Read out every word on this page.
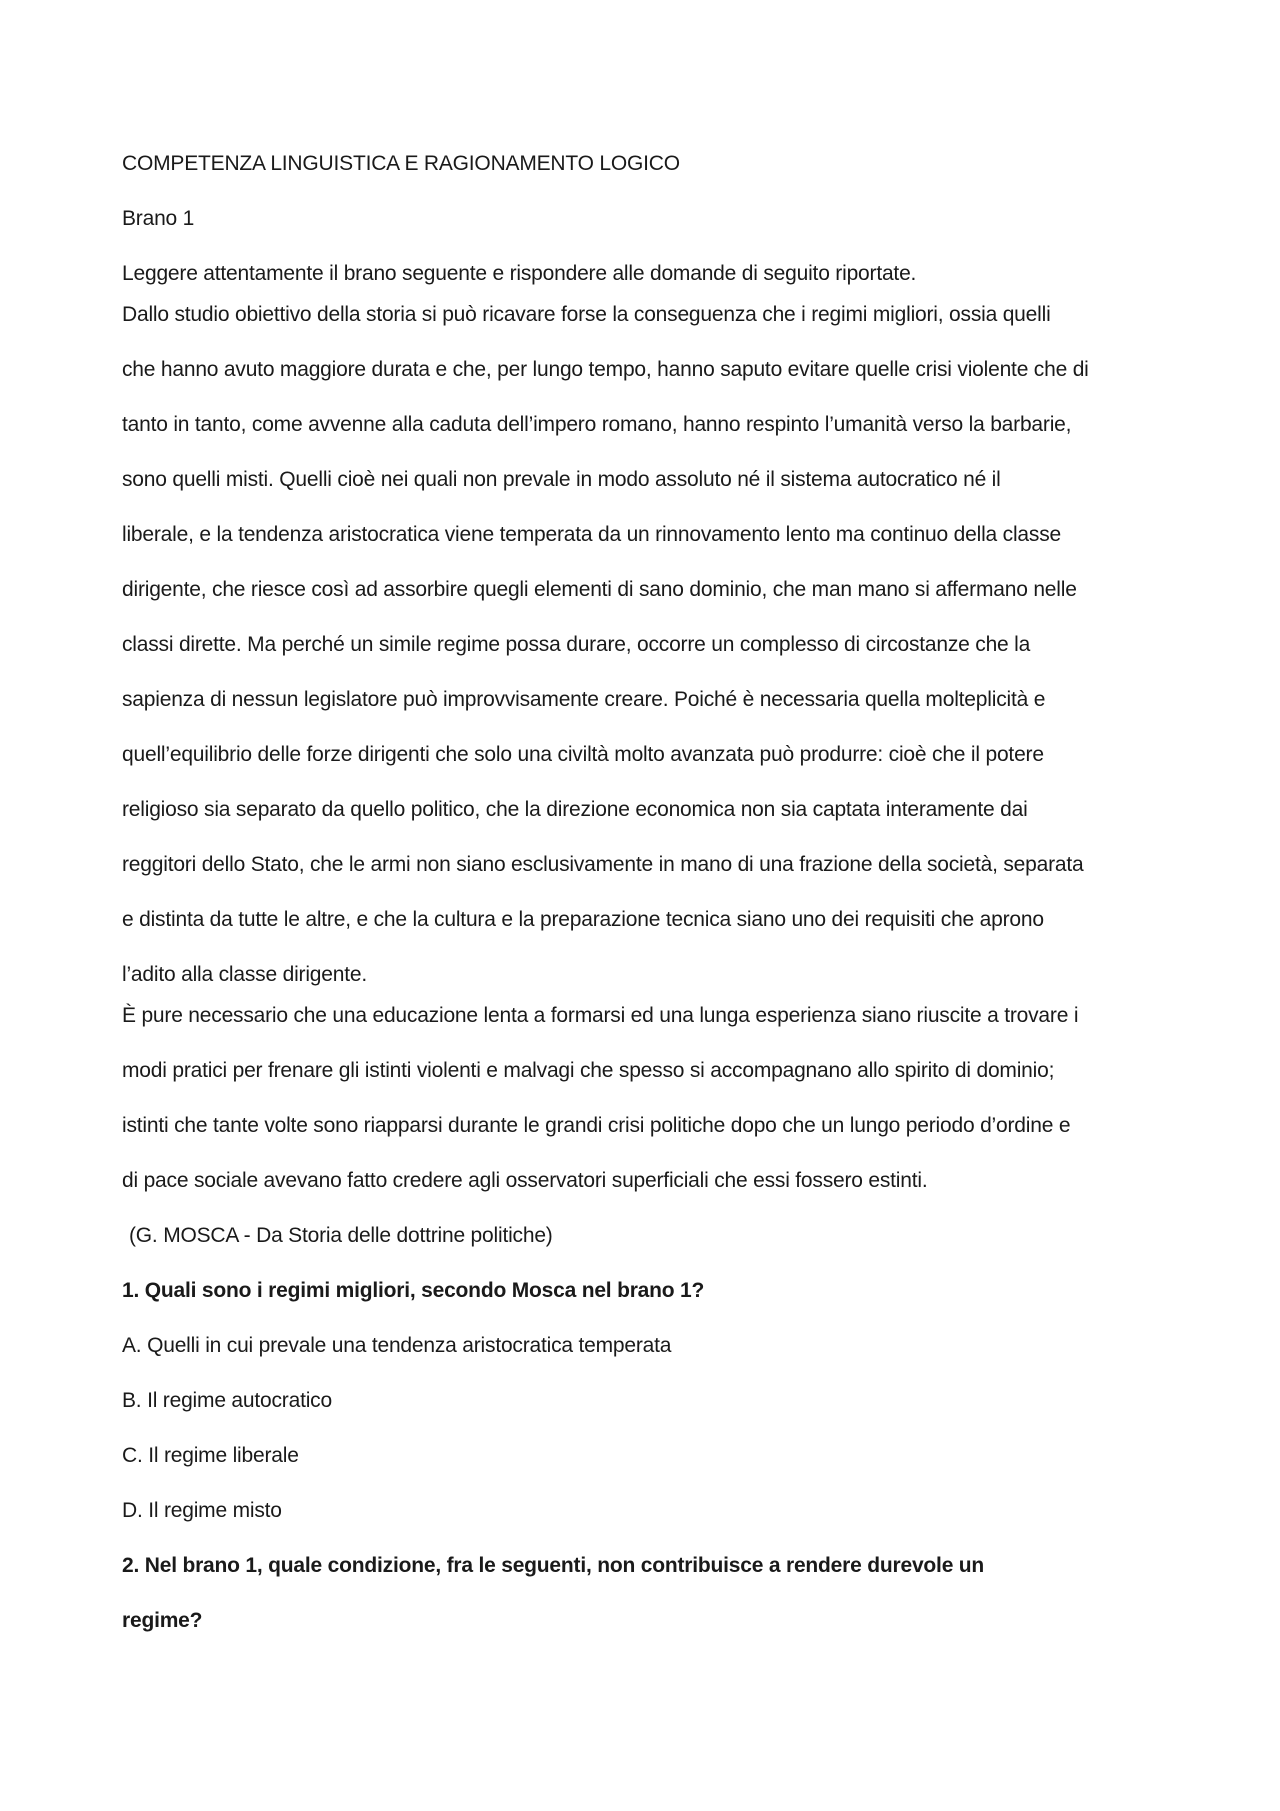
COMPETENZA LINGUISTICA E RAGIONAMENTO LOGICO
Brano 1
Leggere attentamente il brano seguente e rispondere alle domande di seguito riportate.
Dallo studio obiettivo della storia si può ricavare forse la conseguenza che i regimi migliori, ossia quelli
che hanno avuto maggiore durata e che, per lungo tempo, hanno saputo evitare quelle crisi violente che di
tanto in tanto, come avvenne alla caduta dell’impero romano, hanno respinto l’umanità verso la barbarie,
sono quelli misti. Quelli cioè nei quali non prevale in modo assoluto né il sistema autocratico né il
liberale, e la tendenza aristocratica viene temperata da un rinnovamento lento ma continuo della classe
dirigente, che riesce così ad assorbire quegli elementi di sano dominio, che man mano si affermano nelle
classi dirette. Ma perché un simile regime possa durare, occorre un complesso di circostanze che la
sapienza di nessun legislatore può improvvisamente creare. Poiché è necessaria quella molteplicità e
quell’equilibrio delle forze dirigenti che solo una civiltà molto avanzata può produrre: cioè che il potere
religioso sia separato da quello politico, che la direzione economica non sia captata interamente dai
reggitori dello Stato, che le armi non siano esclusivamente in mano di una frazione della società, separata
e distinta da tutte le altre, e che la cultura e la preparazione tecnica siano uno dei requisiti che aprono
l’adito alla classe dirigente.
È pure necessario che una educazione lenta a formarsi ed una lunga esperienza siano riuscite a trovare i
modi pratici per frenare gli istinti violenti e malvagi che spesso si accompagnano allo spirito di dominio;
istinti che tante volte sono riapparsi durante le grandi crisi politiche dopo che un lungo periodo d’ordine e
di pace sociale avevano fatto credere agli osservatori superficiali che essi fossero estinti.
(G. MOSCA - Da Storia delle dottrine politiche)
1. Quali sono i regimi migliori, secondo Mosca nel brano 1?
A. Quelli in cui prevale una tendenza aristocratica temperata
B. Il regime autocratico
C. Il regime liberale
D. Il regime misto
2. Nel brano 1, quale condizione, fra le seguenti, non contribuisce a rendere durevole un
regime?
